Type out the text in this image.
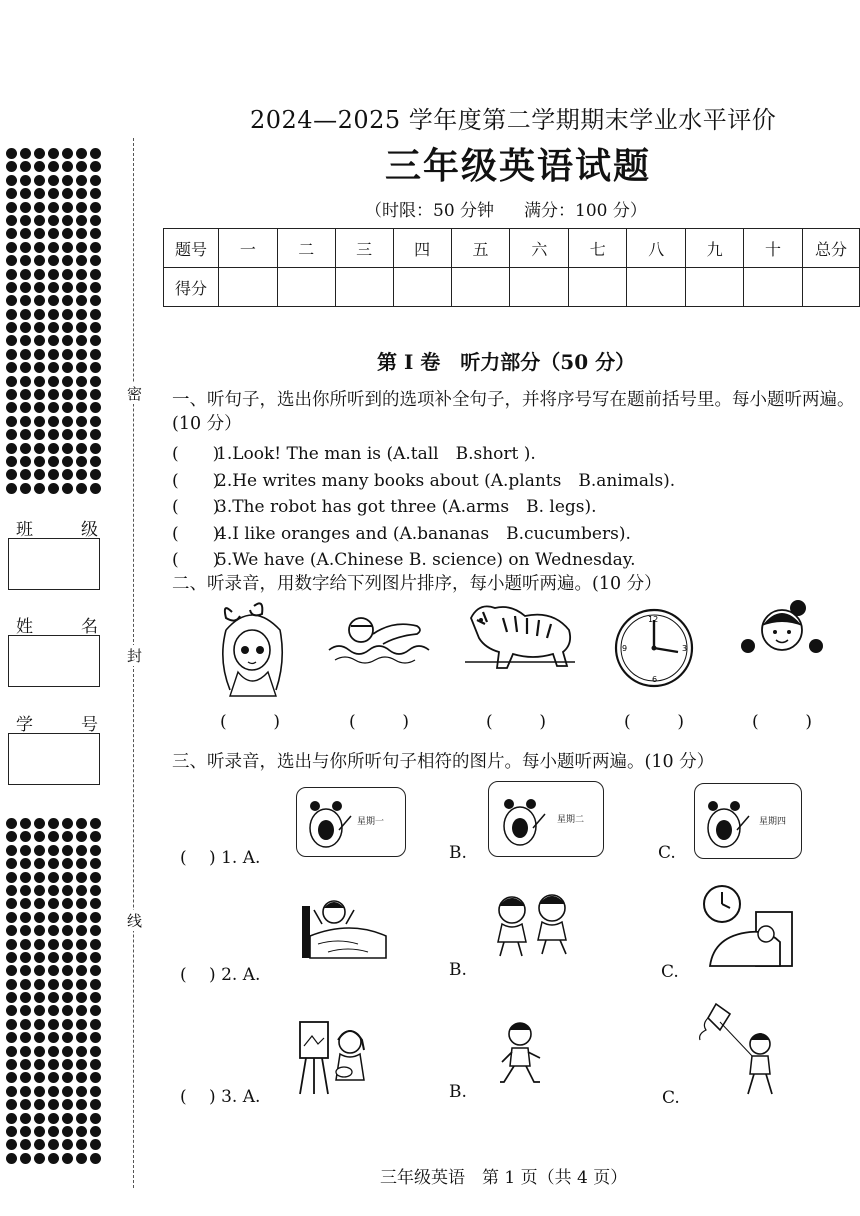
密
封
线
班	级
姓	名
学	号
2024—2025 学年度第二学期期末学业水平评价
三年级英语试题
（时限：50 分钟 满分：100 分）
题号	一	二	三	四	五	六	七	八	九	十	总分
得分											
第 I 卷　听力部分（50 分）
一、听句子，选出你所听到的选项补全句子，并将序号写在题前括号里。每小题听两遍。(10 分）
(　　)1.Look! The man is (A.tall　B.short ).
(　　)2.He writes many books about (A.plants　B.animals).
(　　)3.The robot has got three (A.arms　B. legs).
(　　)4.I like oranges and (A.bananas　B.cucumbers).
(　　)5.We have (A.Chinese B. science) on Wednesday.
二、听录音，用数字给下列图片排序，每小题听两遍。(10 分）
12
3
6
9
(	)	(	)	(	)	(	)	(	)
三、听录音，选出与你所听句子相符的图片。每小题听两遍。(10 分）
(　 ) 1. A.
星期一
B.
星期二
C.
星期四
(　 ) 2. A.	B.	C.
(　 ) 3. A.	B.	C.
三年级英语　第 1 页（共 4 页）
